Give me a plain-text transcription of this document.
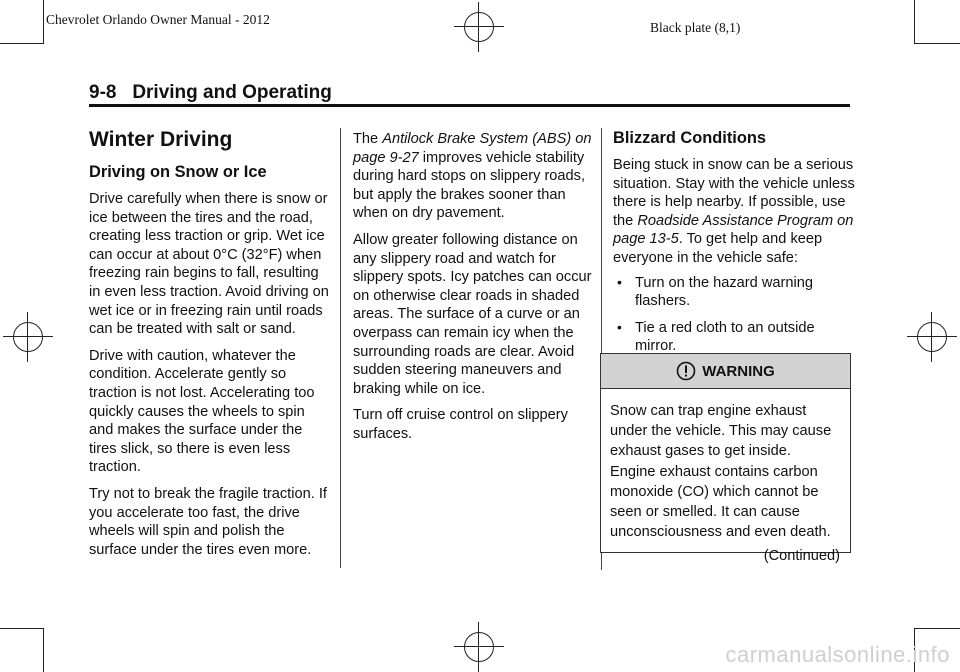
Chevrolet Orlando Owner Manual - 2012
Black plate (8,1)
9-8 Driving and Operating
Winter Driving
Driving on Snow or Ice

Drive carefully when there is snow or ice between the tires and the road, creating less traction or grip. Wet ice can occur at about 0°C (32°F) when freezing rain begins to fall, resulting in even less traction. Avoid driving on wet ice or in freezing rain until roads can be treated with salt or sand.

Drive with caution, whatever the condition. Accelerate gently so traction is not lost. Accelerating too quickly causes the wheels to spin and makes the surface under the tires slick, so there is even less traction.

Try not to break the fragile traction. If you accelerate too fast, the drive wheels will spin and polish the surface under the tires even more.

The Antilock Brake System (ABS) on page 9-27 improves vehicle stability during hard stops on slippery roads, but apply the brakes sooner than when on dry pavement.

Allow greater following distance on any slippery road and watch for slippery spots. Icy patches can occur on otherwise clear roads in shaded areas. The surface of a curve or an overpass can remain icy when the surrounding roads are clear. Avoid sudden steering maneuvers and braking while on ice.

Turn off cruise control on slippery surfaces.

Blizzard Conditions

Being stuck in snow can be a serious situation. Stay with the vehicle unless there is help nearby. If possible, use the Roadside Assistance Program on page 13-5. To get help and keep everyone in the vehicle safe:

• Turn on the hazard warning flashers.
• Tie a red cloth to an outside mirror.
WARNING
Snow can trap engine exhaust under the vehicle. This may cause exhaust gases to get inside. Engine exhaust contains carbon monoxide (CO) which cannot be seen or smelled. It can cause unconsciousness and even death.
(Continued)
carmanualsonline.info
